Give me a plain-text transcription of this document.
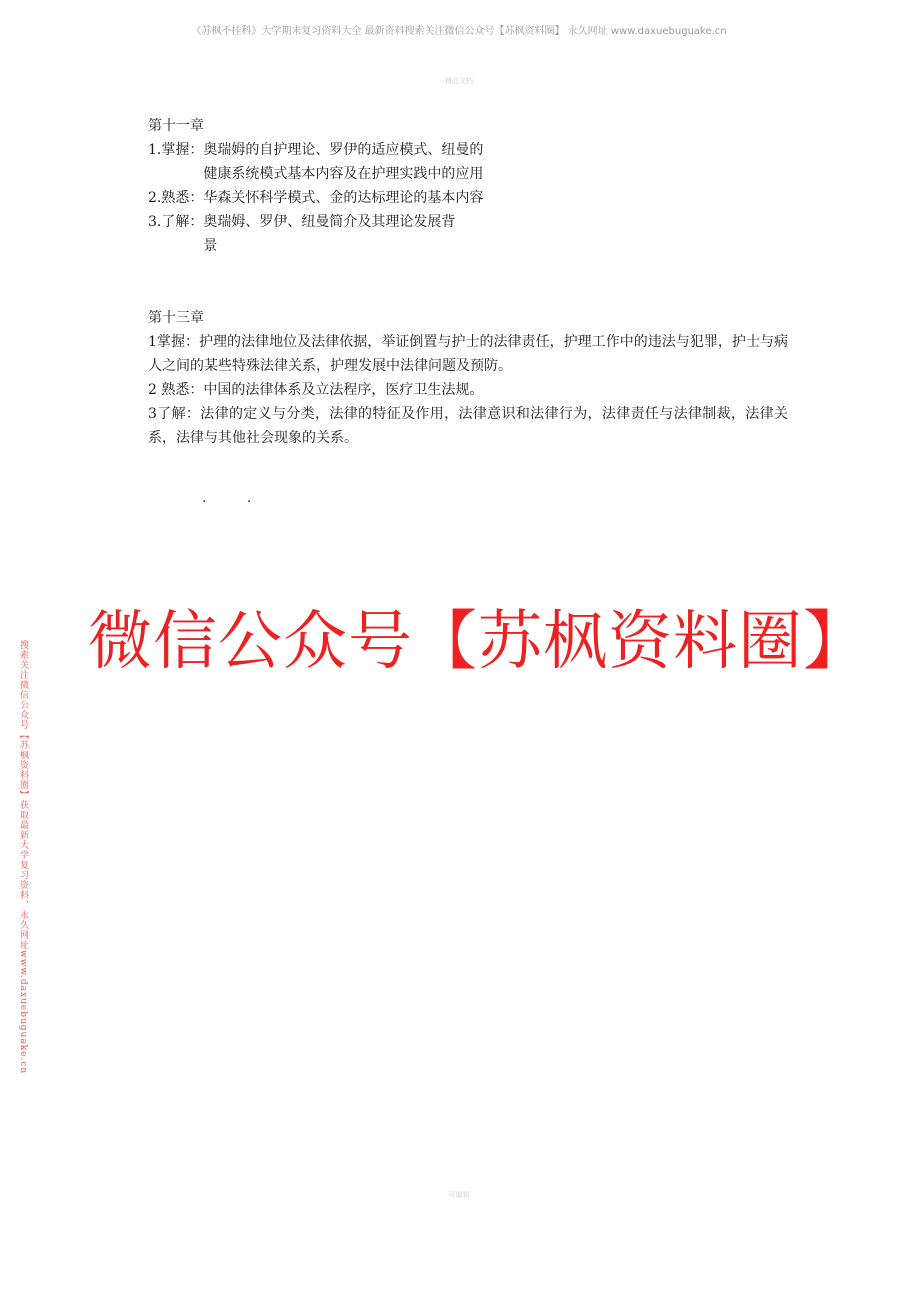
《苏枫不挂科》大学期末复习资料大全 最新资料搜索关注微信公众号【苏枫资料圈】 永久网址 www.daxuebuguake.cn
精品文档

第十一章

1.掌握： 奥瑞姆的自护理论、罗伊的适应模式、纽曼的健康系统模式基本内容及在护理实践中的应用
2.熟悉： 华森关怀科学模式、金的达标理论的基本内容
3.了解： 奥瑞姆、罗伊、纽曼简介及其理论发展背景

第十三章

1掌握：护理的法律地位及法律依据，举证倒置与护士的法律责任，护理工作中的违法与犯罪，护士与病人之间的某些特殊法律关系，护理发展中法律问题及预防。

2 熟悉：中国的法律体系及立法程序，医疗卫生法规。

3了解：法律的定义与分类，法律的特征及作用，法律意识和法律行为，法律责任与法律制裁，法律关系，法律与其他社会现象的关系。

. .
微信公众号【苏枫资料圈】
搜索关注微信公众号【苏枫资料圈】获取最新大学复习资料，永久网址www.daxuebuguake.cn
可编辑
